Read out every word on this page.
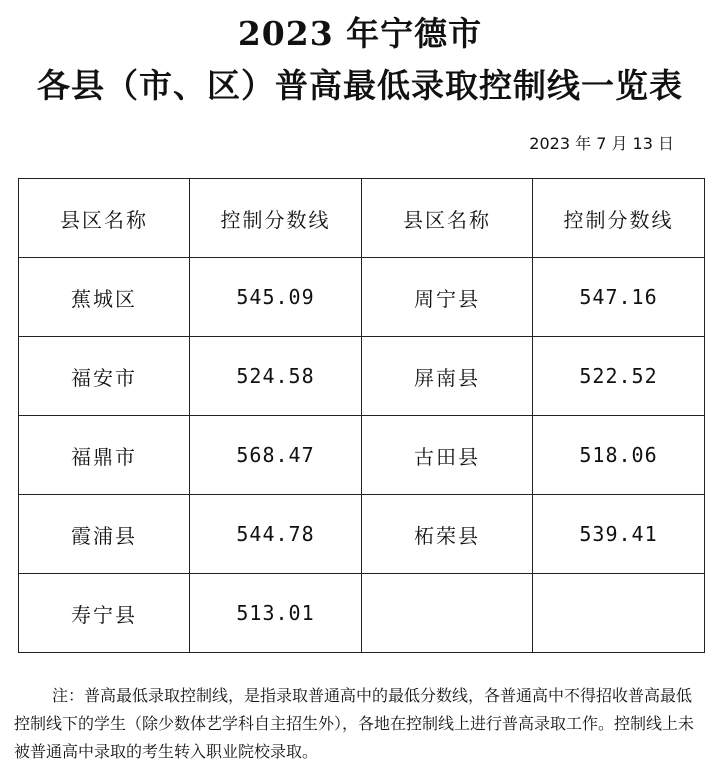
2023 年宁德市
各县（市、区）普高最低录取控制线一览表
2023 年 7 月 13 日
县区名称	控制分数线	县区名称	控制分数线
蕉城区	545.09	周宁县	547.16
福安市	524.58	屏南县	522.52
福鼎市	568.47	古田县	518.06
霞浦县	544.78	柘荣县	539.41
寿宁县	513.01		
注：普高最低录取控制线，是指录取普通高中的最低分数线，各普通高中不得招收普高最低控制线下的学生（除少数体艺学科自主招生外），各地在控制线上进行普高录取工作。控制线上未被普通高中录取的考生转入职业院校录取。
